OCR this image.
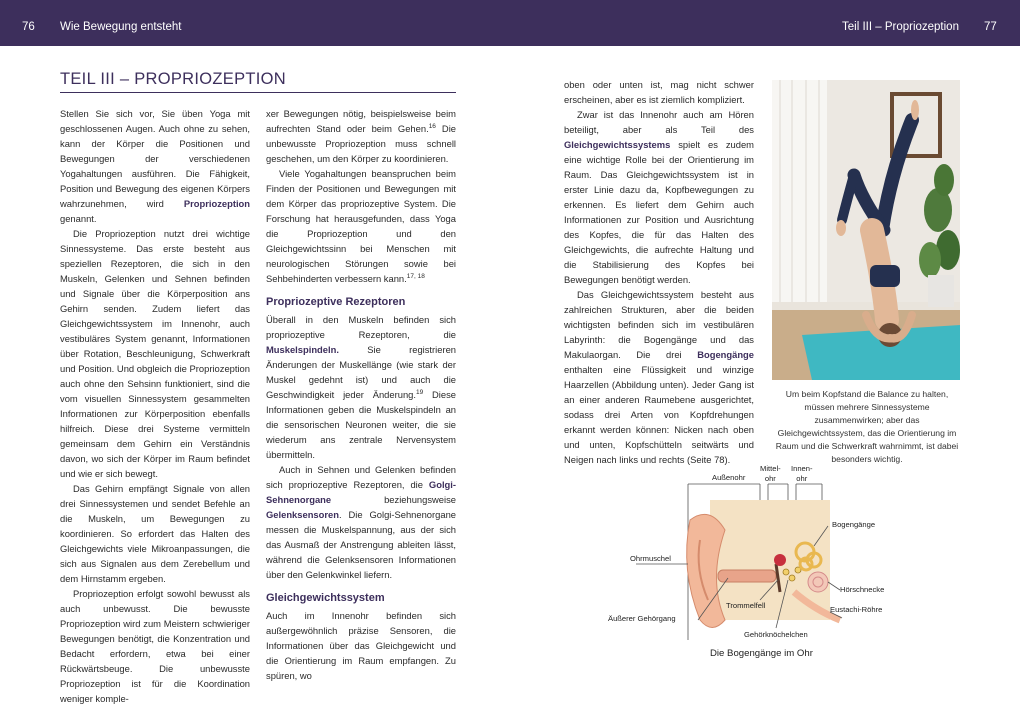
76 Wie Bewegung entsteht	Teil III – Propriozeption 77
TEIL III – PROPRIOZEPTION

Stellen Sie sich vor, Sie üben Yoga mit geschlossenen Augen. Auch ohne zu sehen, kann der Körper die Positionen und Bewegungen der verschiedenen Yogahaltungen ausführen. Die Fähigkeit, Position und Bewegung des eigenen Körpers wahrzunehmen, wird Propriozeption genannt.

Die Propriozeption nutzt drei wichtige Sinnessysteme. Das erste besteht aus speziellen Rezeptoren, die sich in den Muskeln, Gelenken und Sehnen befinden und Signale über die Körperposition ans Gehirn senden. Zudem liefert das Gleichgewichtssystem im Innenohr, auch vestibuläres System genannt, Informationen über Rotation, Beschleunigung, Schwerkraft und Position. Und obgleich die Propriozeption auch ohne den Sehsinn funktioniert, sind die vom visuellen Sinnessystem gesammelten Informationen zur Körperposition ebenfalls hilfreich. Diese drei Systeme vermitteln gemeinsam dem Gehirn ein Verständnis davon, wo sich der Körper im Raum befindet und wie er sich bewegt.

Das Gehirn empfängt Signale von allen drei Sinnessystemen und sendet Befehle an die Muskeln, um Bewegungen zu koordinieren. So erfordert das Halten des Gleichgewichts viele Mikroanpassungen, die sich aus Signalen aus dem Zerebellum und dem Hirnstamm ergeben.

Propriozeption erfolgt sowohl bewusst als auch unbewusst. Die bewusste Propriozeption wird zum Meistern schwieriger Bewegungen benötigt, die Konzentration und Bedacht erfordern, etwa bei einer Rückwärtsbeuge. Die unbewusste Propriozeption ist für die Koordination weniger komple-

xer Bewegungen nötig, beispielsweise beim aufrechten Stand oder beim Gehen.$^{16}$ Die unbewusste Propriozeption muss schnell geschehen, um den Körper zu koordinieren.

Viele Yogahaltungen beanspruchen beim Finden der Positionen und Bewegungen mit dem Körper das propriozeptive System. Die Forschung hat herausgefunden, dass Yoga die Propriozeption und den Gleichgewichtssinn bei Menschen mit neurologischen Störungen sowie bei Sehbehinderten verbessern kann.$^{17, 18}$

Propriozeptive Rezeptoren

Überall in den Muskeln befinden sich propriozeptive Rezeptoren, die Muskelspindeln. Sie registrieren Änderungen der Muskellänge (wie stark der Muskel gedehnt ist) und auch die Geschwindigkeit jeder Änderung.$^{19}$ Diese Informationen geben die Muskelspindeln an die sensorischen Neuronen weiter, die sie wiederum ans zentrale Nervensystem übermitteln.

Auch in Sehnen und Gelenken befinden sich propriozeptive Rezeptoren, die Golgi-Sehnenorgane beziehungsweise Gelenksensoren. Die Golgi-Sehnenorgane messen die Muskelspannung, aus der sich das Ausmaß der Anstrengung ableiten lässt, während die Gelenksensoren Informationen über den Gelenkwinkel liefern.

Gleichgewichtssystem

Auch im Innenohr befinden sich außergewöhnlich präzise Sensoren, die Informationen über das Gleichgewicht und die Orientierung im Raum empfangen. Zu spüren, wo

oben oder unten ist, mag nicht schwer erscheinen, aber es ist ziemlich kompliziert.

Zwar ist das Innenohr auch am Hören beteiligt, aber als Teil des Gleichgewichtssystems spielt es zudem eine wichtige Rolle bei der Orientierung im Raum. Das Gleichgewichtssystem ist in erster Linie dazu da, Kopfbewegungen zu erkennen. Es liefert dem Gehirn auch Informationen zur Position und Ausrichtung des Kopfes, die für das Halten des Gleichgewichts, die aufrechte Haltung und die Stabilisierung des Kopfes bei Bewegungen benötigt werden.

Das Gleichgewichtssystem besteht aus zahlreichen Strukturen, aber die beiden wichtigsten befinden sich im vestibulären Labyrinth: die Bogengänge und das Makulaorgan. Die drei Bogengänge enthalten eine Flüssigkeit und winzige Haarzellen (Abbildung unten). Jeder Gang ist an einer anderen Raumebene ausgerichtet, sodass drei Arten von Kopfdrehungen erkannt werden können: Nicken nach oben und unten, Kopfschütteln seitwärts und Neigen nach links und rechts (Seite 78).

Um beim Kopfstand die Balance zu halten, müssen mehrere Sinnessysteme zusammenwirken; aber das Gleichgewichtssystem, das die Orientierung im Raum und die Schwerkraft wahrnimmt, ist dabei besonders wichtig.
Außenohr
Mittel-
ohr
Innen-
ohr
Bogengänge
Ohrmuschel
Hörschnecke
Trommelfell	Eustachi-Röhre
Äußerer Gehörgang
Gehörknöchelchen
Die Bogengänge im Ohr
